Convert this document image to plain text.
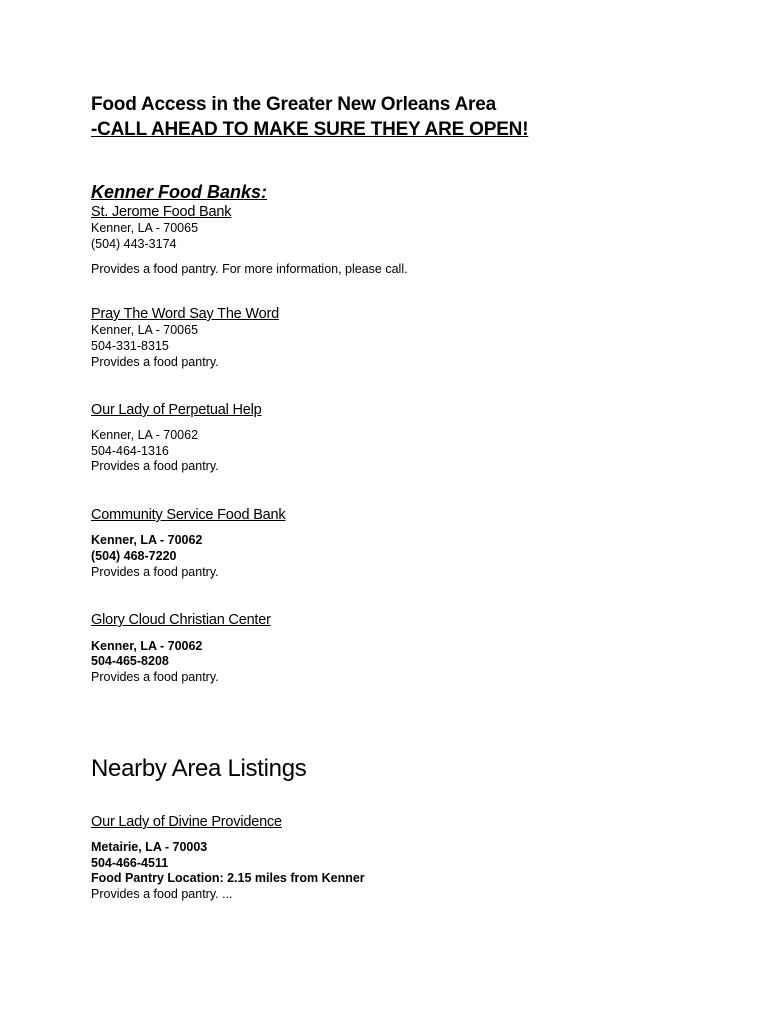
Food Access in the Greater New Orleans Area
-CALL AHEAD TO MAKE SURE THEY ARE OPEN!
Kenner Food Banks:
St. Jerome Food Bank
Kenner, LA - 70065
(504) 443-3174
Provides a food pantry. For more information, please call.
Pray The Word Say The Word
Kenner, LA - 70065
504-331-8315
Provides a food pantry.
Our Lady of Perpetual Help
Kenner, LA - 70062
504-464-1316
Provides a food pantry.
Community Service Food Bank
Kenner, LA - 70062
(504) 468-7220
Provides a food pantry.
Glory Cloud Christian Center
Kenner, LA - 70062
504-465-8208
Provides a food pantry.
Nearby Area Listings
Our Lady of Divine Providence
Metairie, LA - 70003
504-466-4511
Food Pantry Location: 2.15 miles from Kenner
Provides a food pantry. ...
